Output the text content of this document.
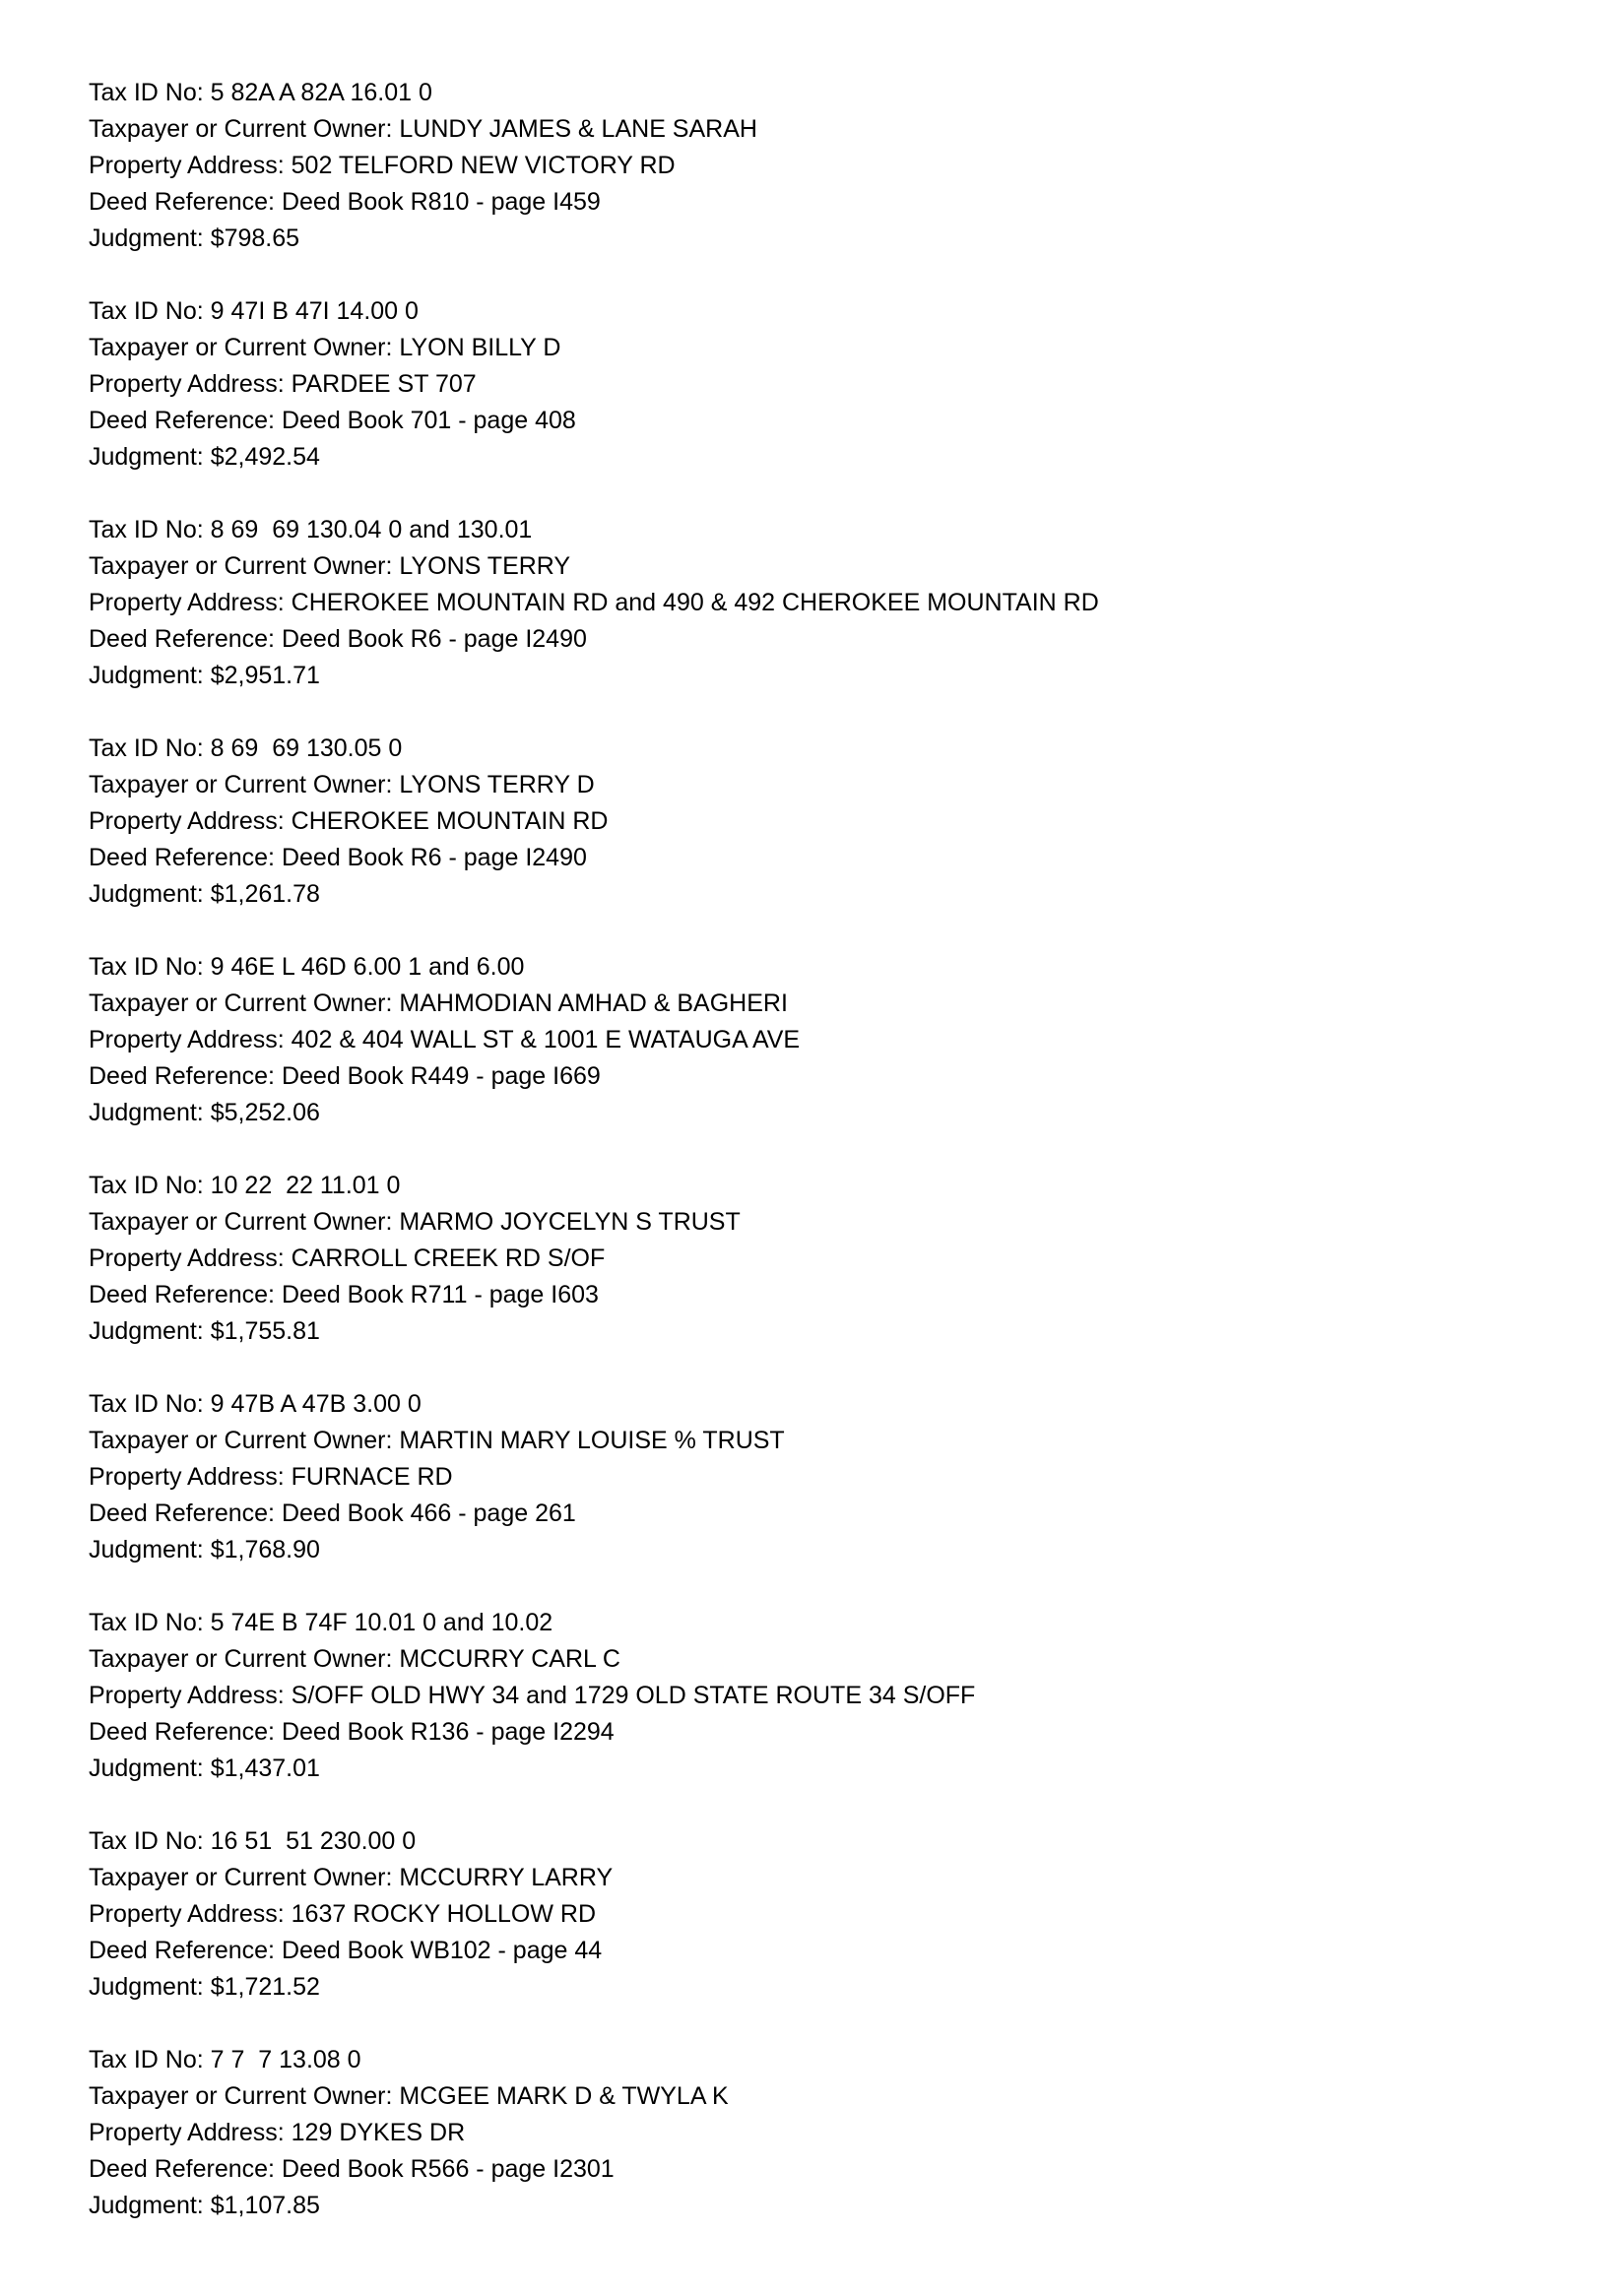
Tax ID No: 5 82A A 82A 16.01 0
Taxpayer or Current Owner: LUNDY JAMES & LANE SARAH
Property Address: 502 TELFORD NEW VICTORY RD
Deed Reference: Deed Book R810 - page I459
Judgment: $798.65
Tax ID No: 9 47I B 47I 14.00 0
Taxpayer or Current Owner: LYON BILLY D
Property Address: PARDEE ST 707
Deed Reference: Deed Book 701 - page 408
Judgment: $2,492.54
Tax ID No: 8 69  69 130.04 0 and 130.01
Taxpayer or Current Owner: LYONS TERRY
Property Address: CHEROKEE MOUNTAIN RD and 490 & 492 CHEROKEE MOUNTAIN RD
Deed Reference: Deed Book R6 - page I2490
Judgment: $2,951.71
Tax ID No: 8 69  69 130.05 0
Taxpayer or Current Owner: LYONS TERRY D
Property Address: CHEROKEE MOUNTAIN RD
Deed Reference: Deed Book R6 - page I2490
Judgment: $1,261.78
Tax ID No: 9 46E L 46D 6.00 1 and 6.00
Taxpayer or Current Owner: MAHMODIAN AMHAD & BAGHERI
Property Address: 402 & 404 WALL ST & 1001 E WATAUGA AVE
Deed Reference: Deed Book R449 - page I669
Judgment: $5,252.06
Tax ID No: 10 22  22 11.01 0
Taxpayer or Current Owner: MARMO JOYCELYN S TRUST
Property Address: CARROLL CREEK RD S/OF
Deed Reference: Deed Book R711 - page I603
Judgment: $1,755.81
Tax ID No: 9 47B A 47B 3.00 0
Taxpayer or Current Owner: MARTIN MARY LOUISE % TRUST
Property Address: FURNACE RD
Deed Reference: Deed Book 466 - page 261
Judgment: $1,768.90
Tax ID No: 5 74E B 74F 10.01 0 and 10.02
Taxpayer or Current Owner: MCCURRY CARL C
Property Address: S/OFF OLD HWY 34 and 1729 OLD STATE ROUTE 34 S/OFF
Deed Reference: Deed Book R136 - page I2294
Judgment: $1,437.01
Tax ID No: 16 51  51 230.00 0
Taxpayer or Current Owner: MCCURRY LARRY
Property Address: 1637 ROCKY HOLLOW RD
Deed Reference: Deed Book WB102 - page 44
Judgment: $1,721.52
Tax ID No: 7 7  7 13.08 0
Taxpayer or Current Owner: MCGEE MARK D & TWYLA K
Property Address: 129 DYKES DR
Deed Reference: Deed Book R566 - page I2301
Judgment: $1,107.85
